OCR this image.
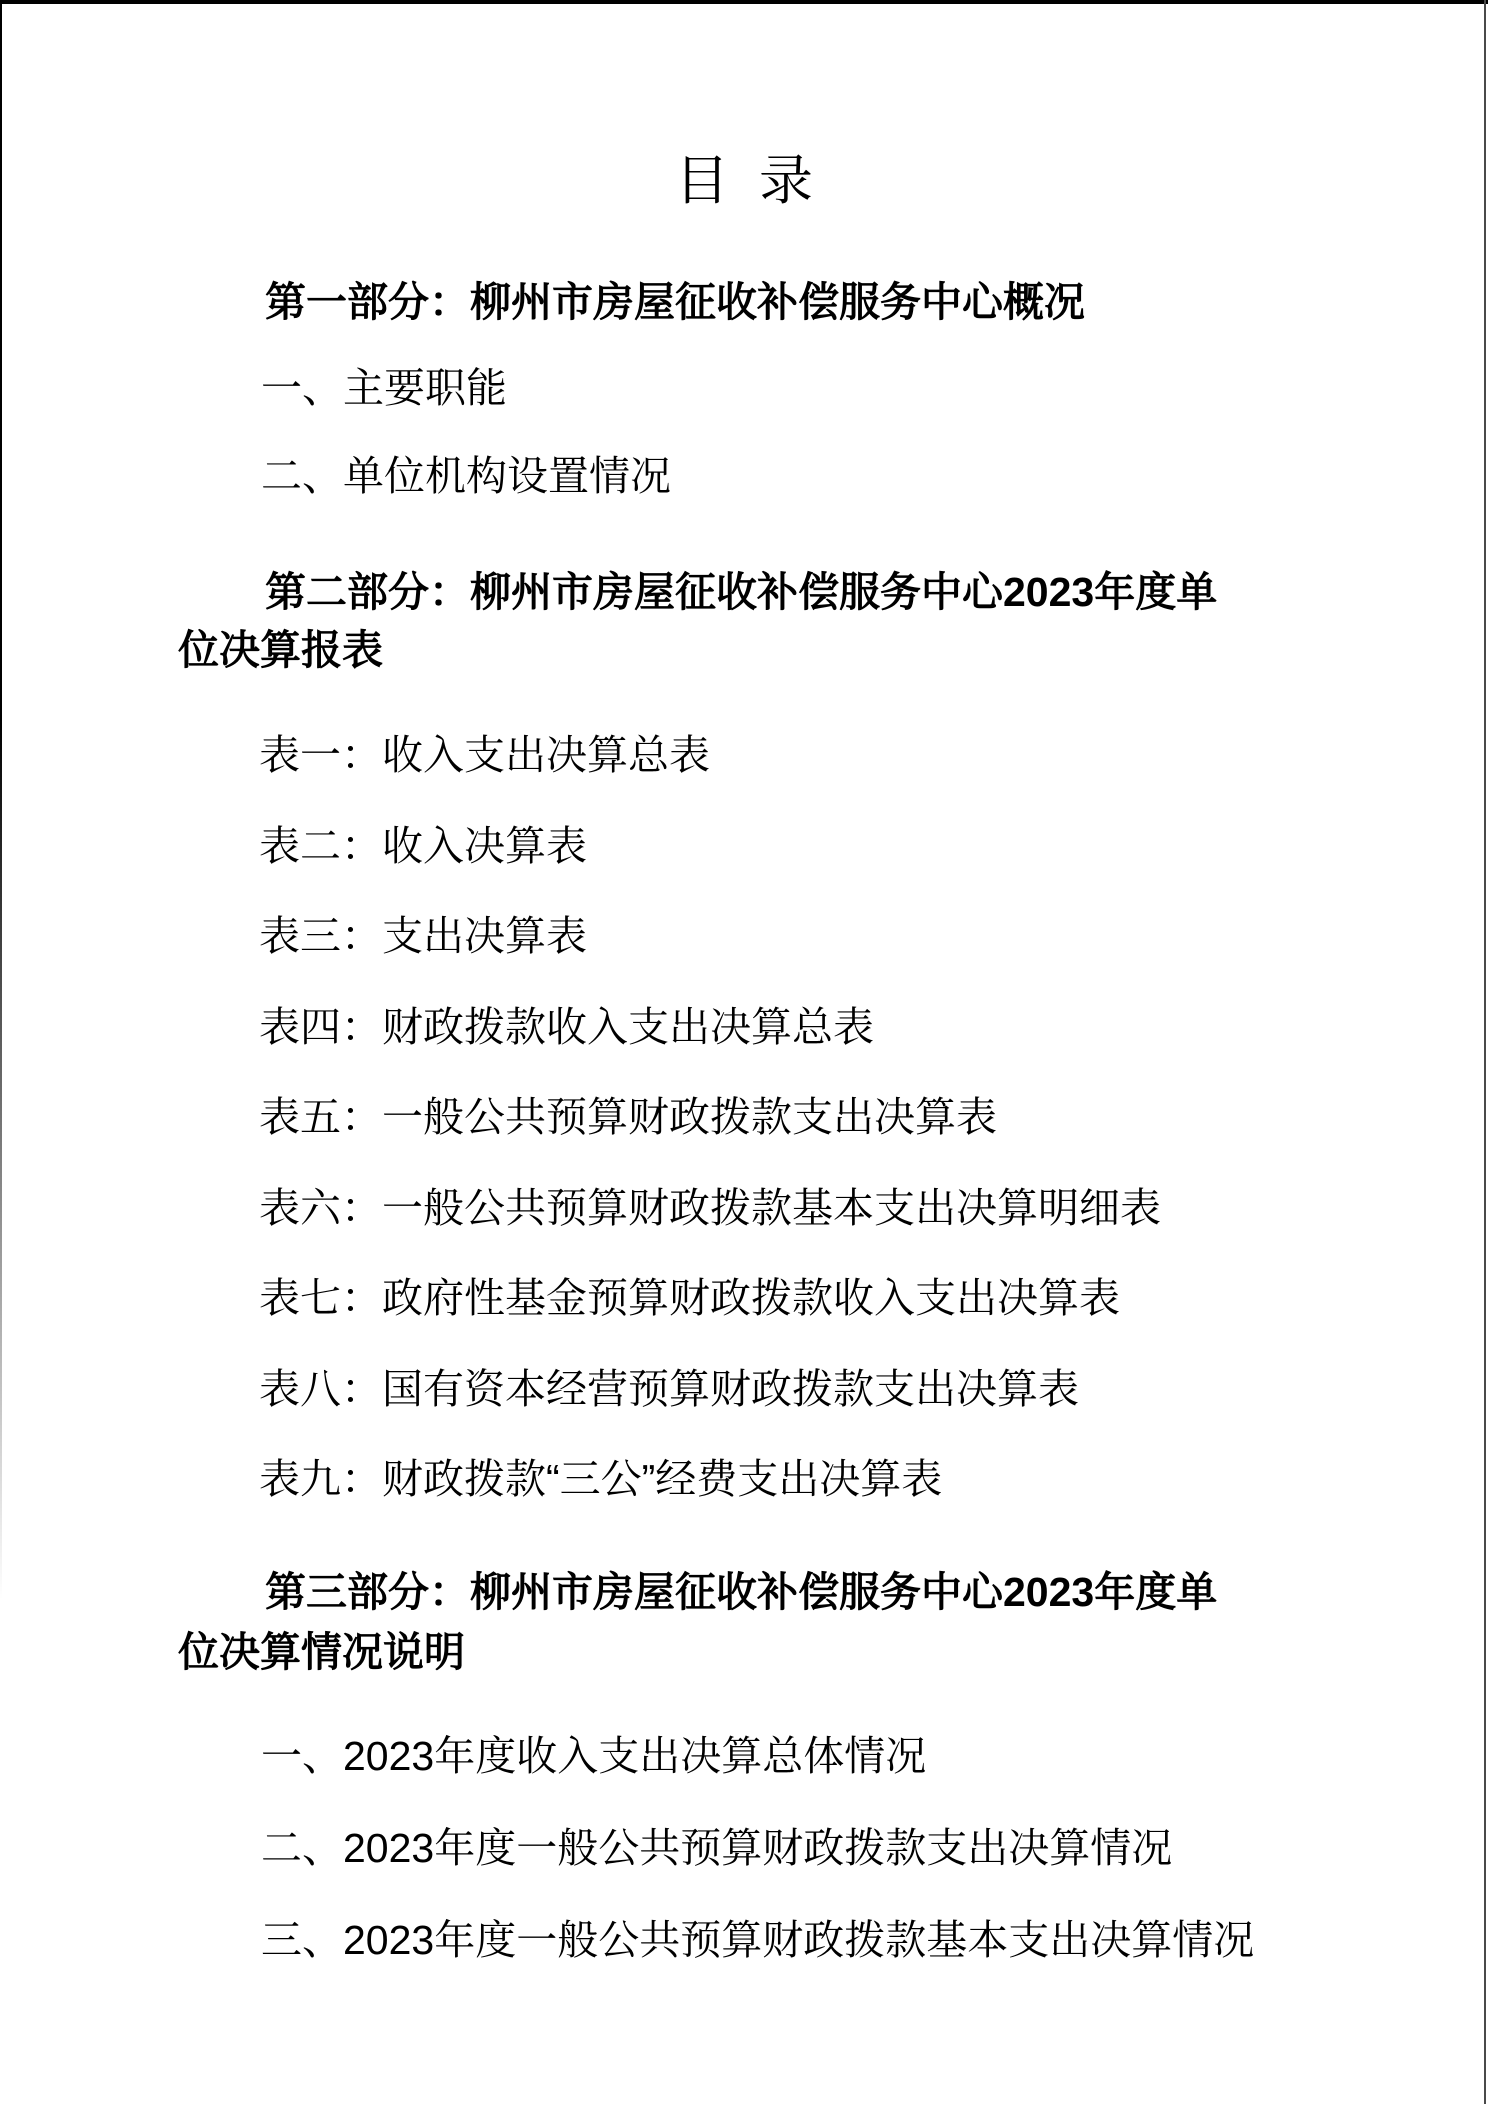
目  录
第一部分：柳州市房屋征收补偿服务中心概况
一、主要职能
二、单位机构设置情况
第二部分：柳州市房屋征收补偿服务中心2023年度单
位决算报表
表一：收入支出决算总表
表二：收入决算表
表三：支出决算表
表四：财政拨款收入支出决算总表
表五：一般公共预算财政拨款支出决算表
表六：一般公共预算财政拨款基本支出决算明细表
表七：政府性基金预算财政拨款收入支出决算表
表八：国有资本经营预算财政拨款支出决算表
表九：财政拨款“三公”经费支出决算表
第三部分：柳州市房屋征收补偿服务中心2023年度单
位决算情况说明
一、2023年度收入支出决算总体情况
二、2023年度一般公共预算财政拨款支出决算情况
三、2023年度一般公共预算财政拨款基本支出决算情况
